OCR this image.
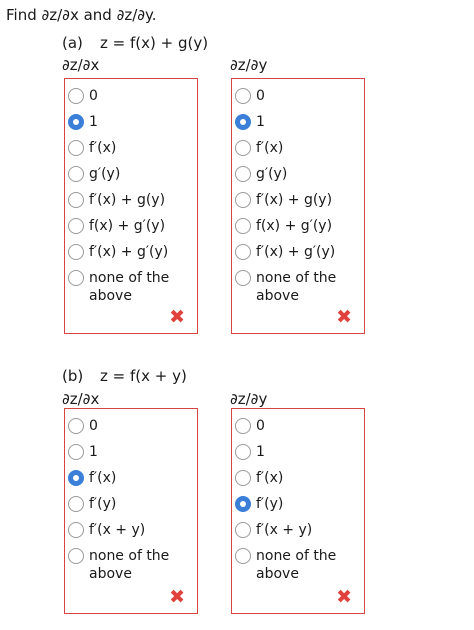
Find ∂z/∂x and ∂z/∂y.
(a) z = f(x) + g(y)
∂z/∂x	∂z/∂y
0
1
f′(x)
g′(y)
f′(x) + g(y)
f(x) + g′(y)
f′(x) + g′(y)
none of the
above
✖
0
1
f′(x)
g′(y)
f′(x) + g(y)
f(x) + g′(y)
f′(x) + g′(y)
none of the
above
✖
(b) z = f(x + y)
∂z/∂x	∂z/∂y
0
1
f′(x)
f′(y)
f′(x + y)
none of the
above
✖
0
1
f′(x)
f′(y)
f′(x + y)
none of the
above
✖
